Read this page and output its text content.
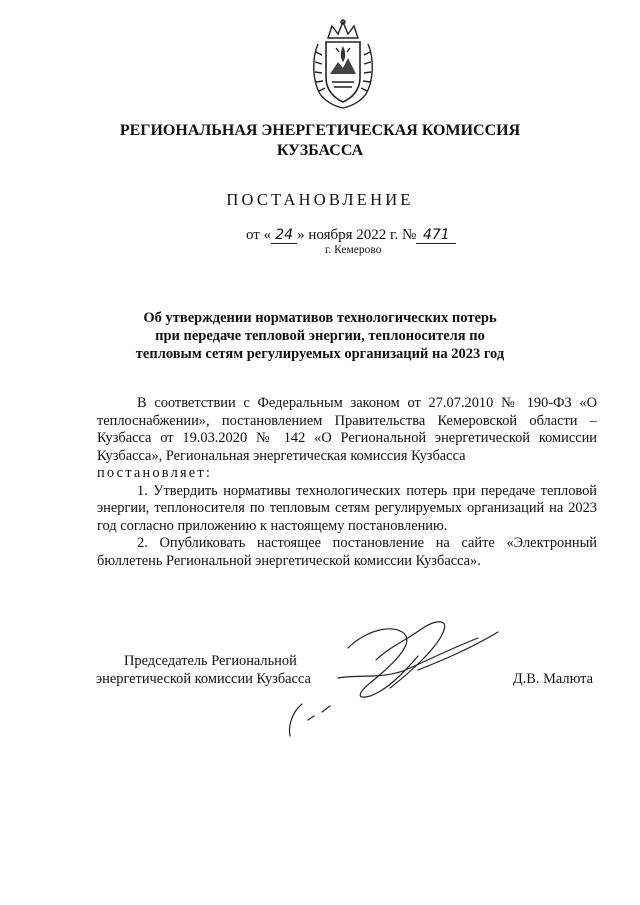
РЕГИОНАЛЬНАЯ ЭНЕРГЕТИЧЕСКАЯ КОМИССИЯ
КУЗБАССА
ПОСТАНОВЛЕНИЕ
от « 24 » ноября 2022 г. № 471
г. Кемерово
Об утверждении нормативов технологических потерь
при передаче тепловой энергии, теплоносителя по
тепловым сетям регулируемых организаций на 2023 год

В соответствии с Федеральным законом от 27.07.2010 № 190-ФЗ «О теплоснабжении», постановлением Правительства Кемеровской области – Кузбасса от 19.03.2020 № 142 «О Региональной энергетической комиссии Кузбасса», Региональная энергетическая комиссия Кузбасса

постановляет:

1. Утвердить нормативы технологических потерь при передаче тепловой энергии, теплоносителя по тепловым сетям регулируемых организаций на 2023 год согласно приложению к настоящему постановлению.

2. Опубликовать настоящее постановление на сайте «Электронный бюллетень Региональной энергетической комиссии Кузбасса».

Председатель Региональной
энергетической комиссии Кузбасса	Д.В. Малюта
